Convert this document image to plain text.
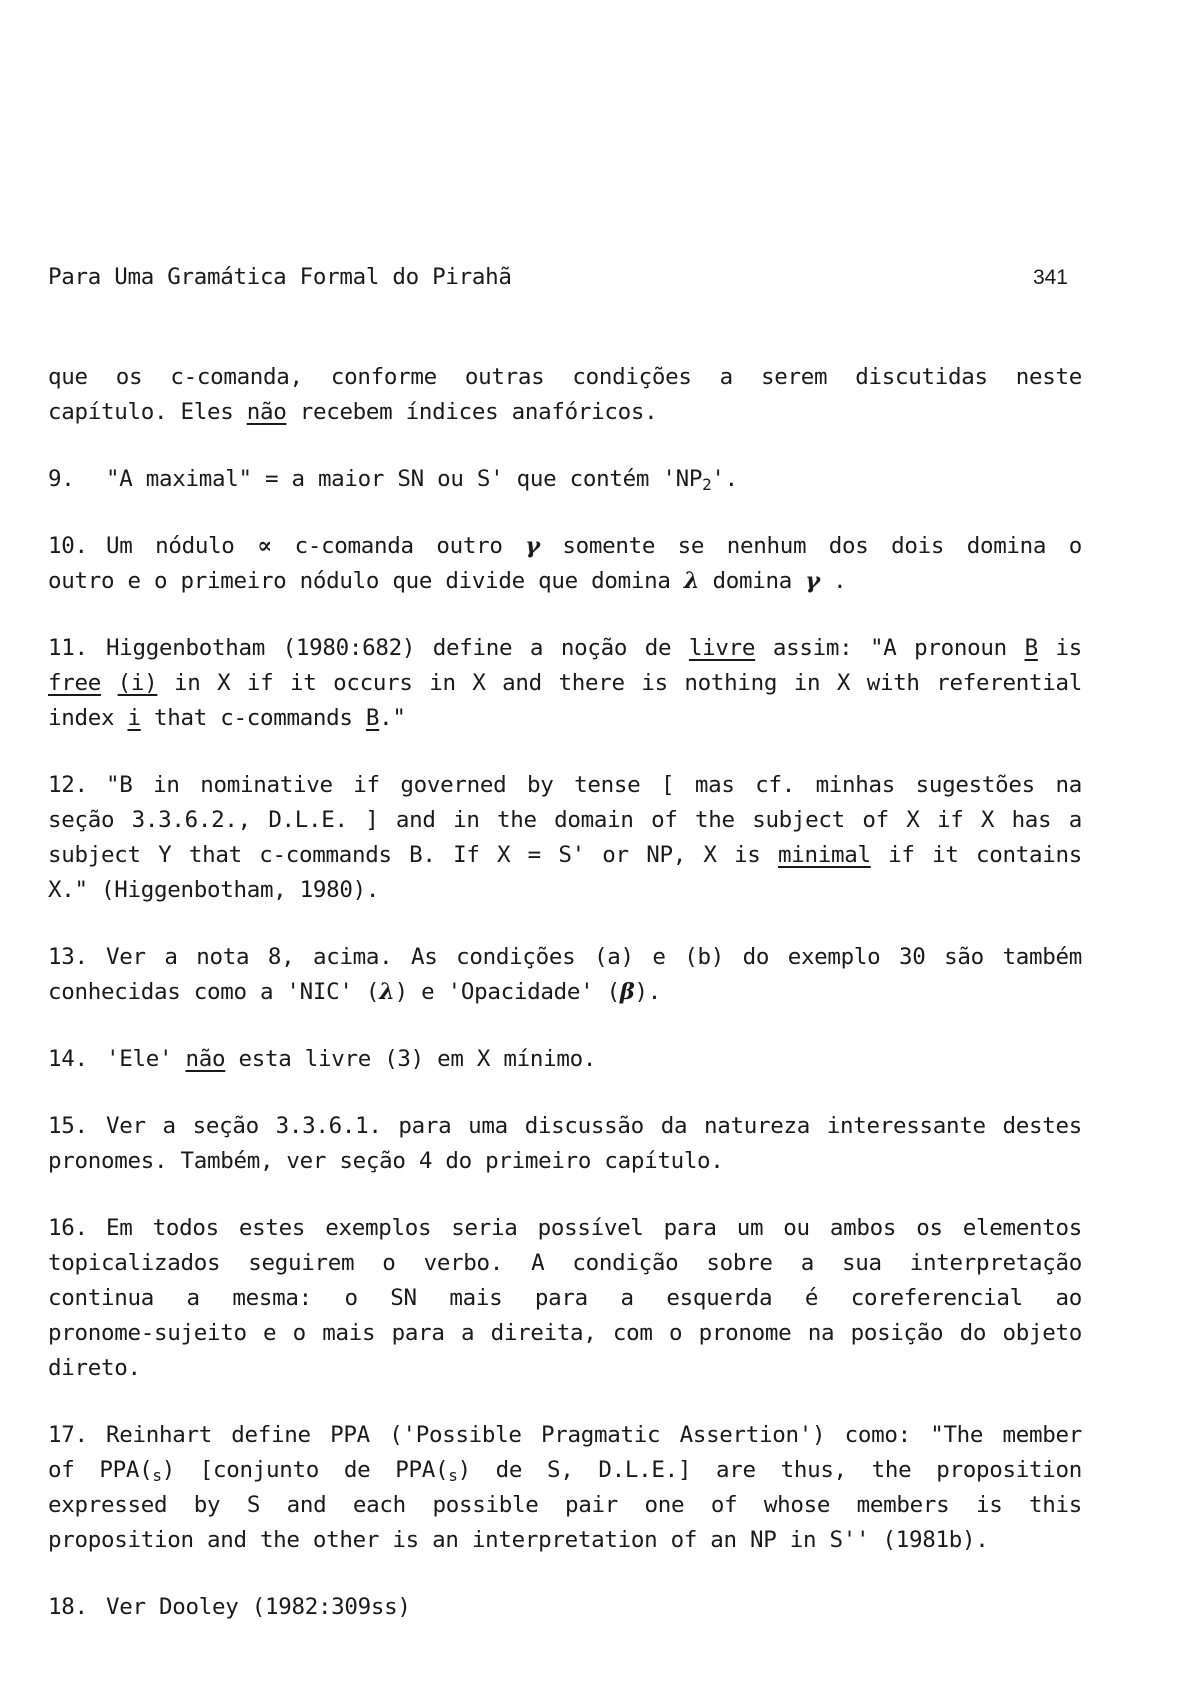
Para Uma Gramática Formal do Pirahã	341
que os c-comanda, conforme outras condições a serem discutidas neste
capítulo. Eles não recebem índices anafóricos.
9. "A maximal" = a maior SN ou S' que contém '$NP_2$'.
10. Um nódulo ∝ c-comanda outro γ somente se nenhum dos dois domina o
outro e o primeiro nódulo que divide que domina λ domina γ .
11. Higgenbotham (1980:682) define a noção de livre assim: "A pronoun B is
free (i) in X if it occurs in X and there is nothing in X with referential
index i that c-commands B."
12. "B in nominative if governed by tense [ mas cf. minhas sugestões na
seção 3.3.6.2., D.L.E. ] and in the domain of the subject of X if X has a
subject Y that c-commands B. If X = S' or NP, X is minimal if it contains
X." (Higgenbotham, 1980).
13. Ver a nota 8, acima. As condições (a) e (b) do exemplo 30 são também
conhecidas como a 'NIC' (λ) e 'Opacidade' (β).
14. 'Ele' não esta livre (3) em X mínimo.
15. Ver a seção 3.3.6.1. para uma discussão da natureza interessante destes
pronomes. Também, ver seção 4 do primeiro capítulo.
16. Em todos estes exemplos seria possível para um ou ambos os elementos
topicalizados seguirem o verbo. A condição sobre a sua interpretação
continua a mesma: o SN mais para a esquerda é coreferencial ao
pronome-sujeito e o mais para a direita, com o pronome na posição do objeto
direto.
17. Reinhart define PPA ('Possible Pragmatic Assertion') como: "The member
of $PPA(_s)$ [conjunto de $PPA(_s)$ de S, D.L.E.] are thus, the proposition
expressed by S and each possible pair one of whose members is this
proposition and the other is an interpretation of an NP in S'' (1981b).
18. Ver Dooley (1982:309ss)
